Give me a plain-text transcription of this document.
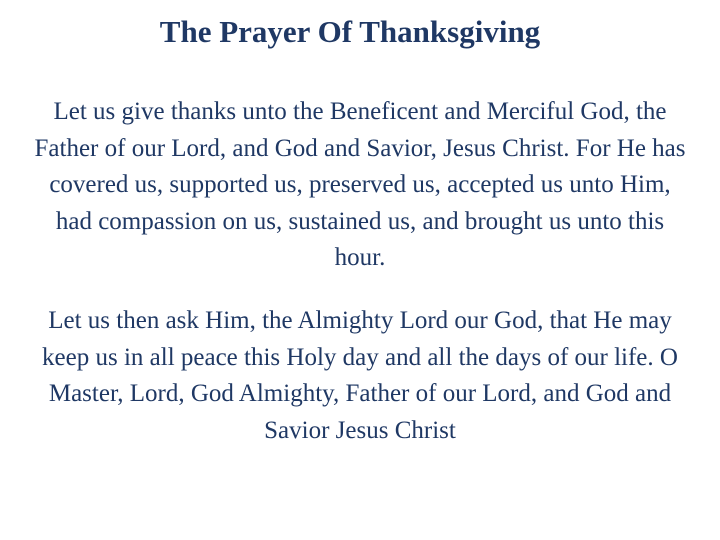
The Prayer Of Thanksgiving

Let us give thanks unto the Beneficent and Merciful God, the Father of our Lord, and God and Savior, Jesus Christ. For He has covered us, supported us, preserved us, accepted us unto Him, had compassion on us, sustained us, and brought us unto this hour.

Let us then ask Him, the Almighty Lord our God, that He may keep us in all peace this Holy day and all the days of our life. O Master, Lord, God Almighty, Father of our Lord, and God and Savior Jesus Christ
